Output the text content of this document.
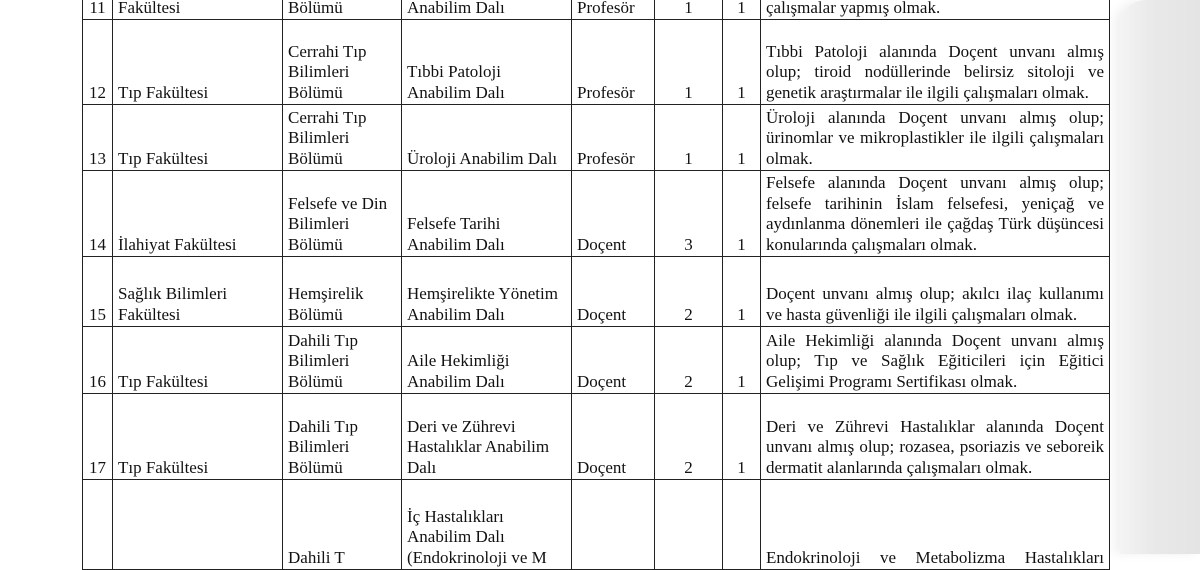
11	Fakültesi	Bölümü	Anabilim Dalı	Profesör	1	1	çalışmalar yapmış olmak.
12	Tıp Fakültesi	Cerrahi Tıp Bilimleri Bölümü	Tıbbi Patoloji Anabilim Dalı	Profesör	1	1	Tıbbi Patoloji alanında Doçent unvanı almış olup; tiroid nodüllerinde belirsiz sitoloji ve genetik araştırmalar ile ilgili çalışmaları olmak.
13	Tıp Fakültesi	Cerrahi Tıp Bilimleri Bölümü	Üroloji Anabilim Dalı	Profesör	1	1	Üroloji alanında Doçent unvanı almış olup; ürinomlar ve mikroplastikler ile ilgili çalışmaları olmak.
14	İlahiyat Fakültesi	Felsefe ve Din Bilimleri Bölümü	Felsefe Tarihi Anabilim Dalı	Doçent	3	1	Felsefe alanında Doçent unvanı almış olup; felsefe tarihinin İslam felsefesi, yeniçağ ve aydınlanma dönemleri ile çağdaş Türk düşüncesi konularında çalışmaları olmak.
15	Sağlık Bilimleri Fakültesi	Hemşirelik Bölümü	Hemşirelikte Yönetim Anabilim Dalı	Doçent	2	1	Doçent unvanı almış olup; akılcı ilaç kullanımı ve hasta güvenliği ile ilgili çalışmaları olmak.
16	Tıp Fakültesi	Dahili Tıp Bilimleri Bölümü	Aile Hekimliği Anabilim Dalı	Doçent	2	1	Aile Hekimliği alanında Doçent unvanı almış olup; Tıp ve Sağlık Eğiticileri için Eğitici Gelişimi Programı Sertifikası olmak.
17	Tıp Fakültesi	Dahili Tıp Bilimleri Bölümü	Deri ve Zührevi Hastalıklar Anabilim Dalı	Doçent	2	1	Deri ve Zührevi Hastalıklar alanında Doçent unvanı almış olup; rozasea, psoriazis ve seboreik dermatit alanlarında çalışmaları olmak.
		Dahili T	İç Hastalıkları Anabilim Dalı (Endokrinoloji ve M				Endokrinoloji ve Metabolizma Hastalıkları
